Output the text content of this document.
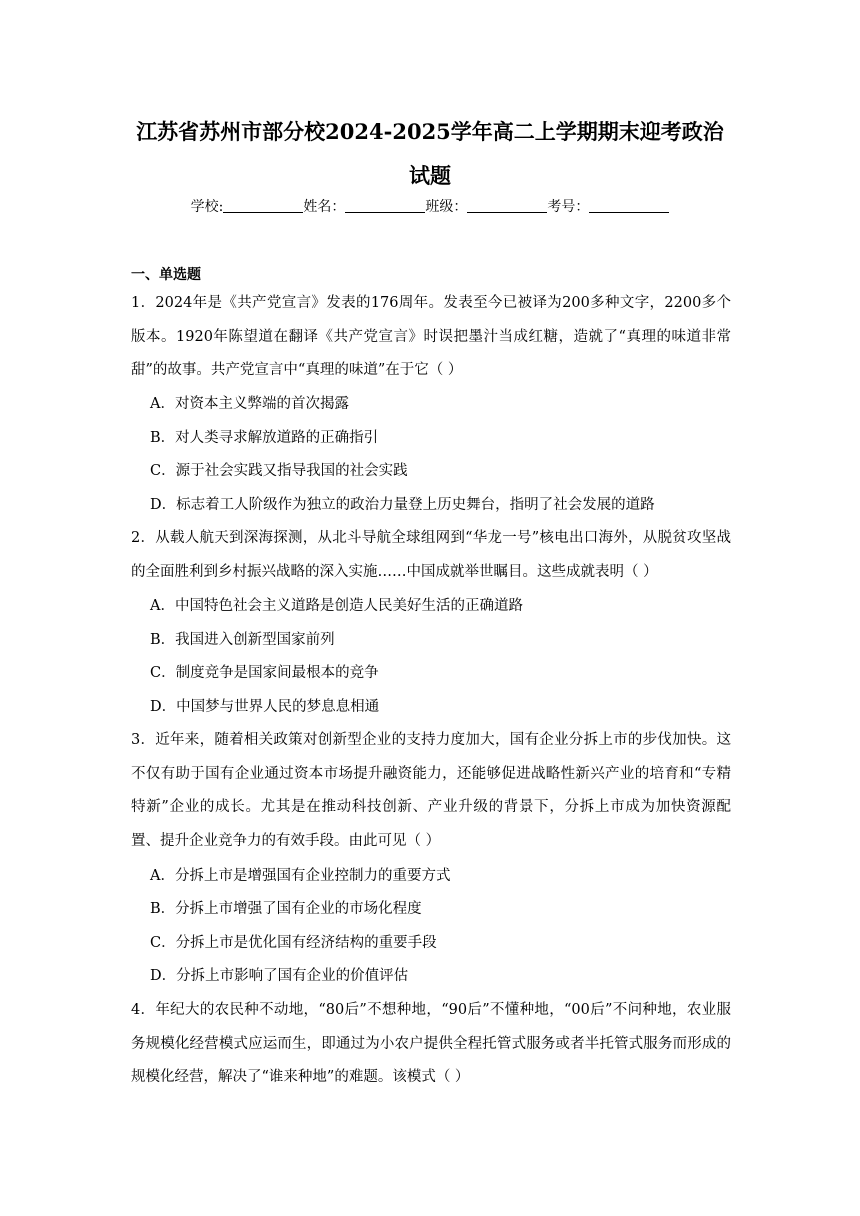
江苏省苏州市部分校2024-2025学年高二上学期期末迎考政治
试题
学校:	姓名：	班级：	考号：
一、单选题

1．2024年是《共产党宣言》发表的176周年。发表至今已被译为200多种文字，2200多个版本。1920年陈望道在翻译《共产党宣言》时误把墨汁当成红糖，造就了“真理的味道非常甜”的故事。共产党宣言中“真理的味道”在于它（ ）

A．对资本主义弊端的首次揭露
B．对人类寻求解放道路的正确指引
C．源于社会实践又指导我国的社会实践
D．标志着工人阶级作为独立的政治力量登上历史舞台，指明了社会发展的道路

2．从载人航天到深海探测，从北斗导航全球组网到“华龙一号”核电出口海外，从脱贫攻坚战的全面胜利到乡村振兴战略的深入实施……中国成就举世瞩目。这些成就表明（ ）

A．中国特色社会主义道路是创造人民美好生活的正确道路
B．我国进入创新型国家前列
C．制度竞争是国家间最根本的竞争
D．中国梦与世界人民的梦息息相通

3．近年来，随着相关政策对创新型企业的支持力度加大，国有企业分拆上市的步伐加快。这不仅有助于国有企业通过资本市场提升融资能力，还能够促进战略性新兴产业的培育和“专精特新”企业的成长。尤其是在推动科技创新、产业升级的背景下，分拆上市成为加快资源配置、提升企业竞争力的有效手段。由此可见（ ）

A．分拆上市是增强国有企业控制力的重要方式
B．分拆上市增强了国有企业的市场化程度
C．分拆上市是优化国有经济结构的重要手段
D．分拆上市影响了国有企业的价值评估

4．年纪大的农民种不动地，“80后”不想种地，“90后”不懂种地，“00后”不问种地，农业服务规模化经营模式应运而生，即通过为小农户提供全程托管式服务或者半托管式服务而形成的规模化经营，解决了“谁来种地”的难题。该模式（ ）
